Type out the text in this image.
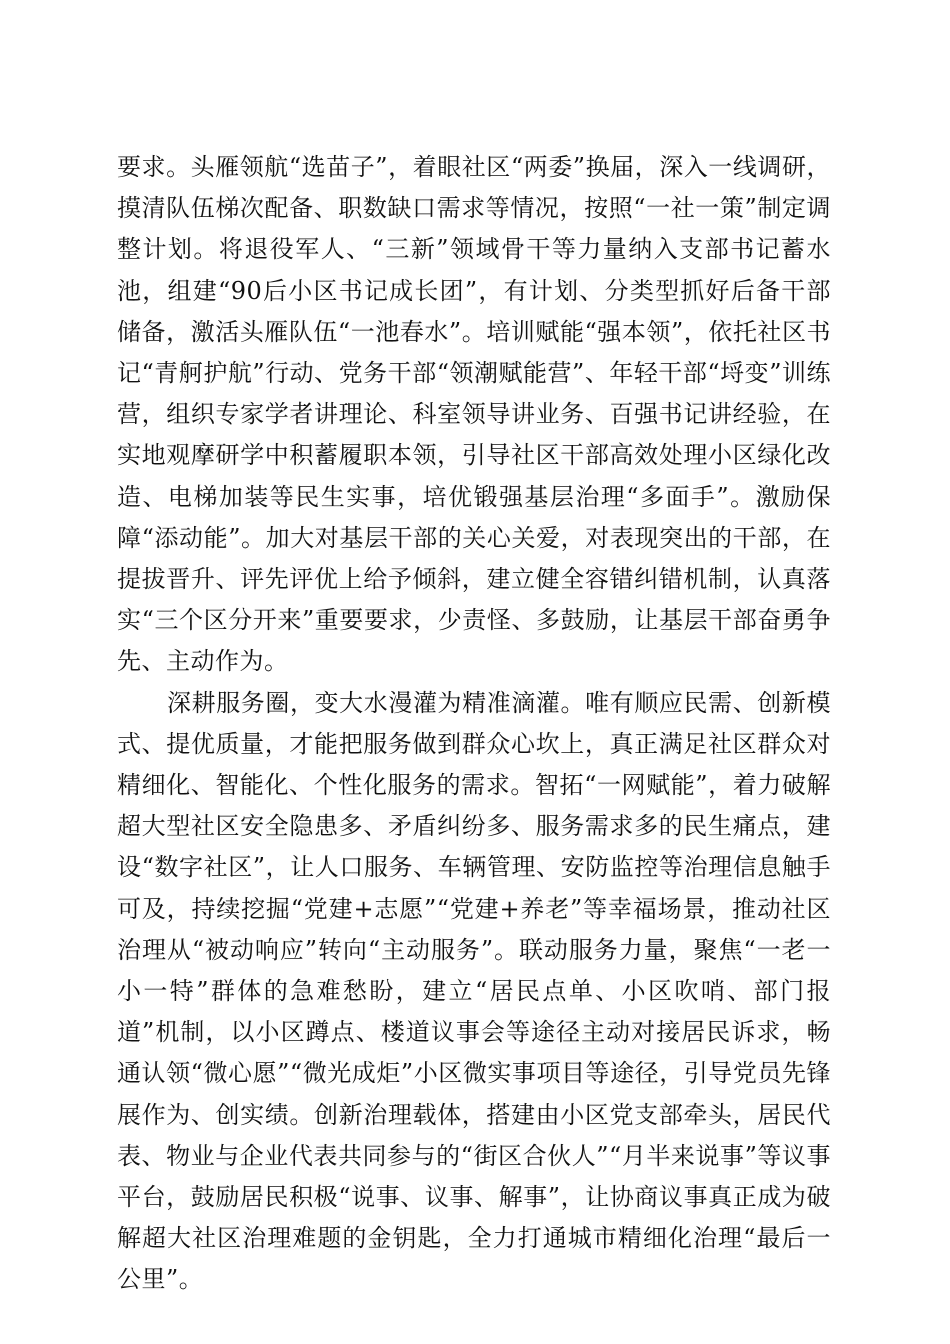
要求。头雁领航“选苗子”，着眼社区“两委”换届，深入一线调研，摸清队伍梯次配备、职数缺口需求等情况，按照“一社一策”制定调整计划。将退役军人、“三新”领域骨干等力量纳入支部书记蓄水池，组建“90后小区书记成长团”，有计划、分类型抓好后备干部储备，激活头雁队伍“一池春水”。培训赋能“强本领”，依托社区书记“青舸护航”行动、党务干部“领潮赋能营”、年轻干部“埒变”训练营，组织专家学者讲理论、科室领导讲业务、百强书记讲经验，在实地观摩研学中积蓄履职本领，引导社区干部高效处理小区绿化改造、电梯加装等民生实事，培优锻强基层治理“多面手”。激励保障“添动能”。加大对基层干部的关心关爱，对表现突出的干部，在提拔晋升、评先评优上给予倾斜，建立健全容错纠错机制，认真落实“三个区分开来”重要要求，少责怪、多鼓励，让基层干部奋勇争先、主动作为。

深耕服务圈，变大水漫灌为精准滴灌。唯有顺应民需、创新模式、提优质量，才能把服务做到群众心坎上，真正满足社区群众对精细化、智能化、个性化服务的需求。智拓“一网赋能”，着力破解超大型社区安全隐患多、矛盾纠纷多、服务需求多的民生痛点，建设“数字社区”，让人口服务、车辆管理、安防监控等治理信息触手可及，持续挖掘“党建+志愿”“党建+养老”等幸福场景，推动社区治理从“被动响应”转向“主动服务”。联动服务力量，聚焦“一老一小一特”群体的急难愁盼，建立“居民点单、小区吹哨、部门报道”机制，以小区蹲点、楼道议事会等途径主动对接居民诉求，畅通认领“微心愿”“微光成炬”小区微实事项目等途径，引导党员先锋展作为、创实绩。创新治理载体，搭建由小区党支部牵头，居民代表、物业与企业代表共同参与的“街区合伙人”“月半来说事”等议事平台，鼓励居民积极“说事、议事、解事”，让协商议事真正成为破解超大社区治理难题的金钥匙，全力打通城市精细化治理“最后一公里”。
